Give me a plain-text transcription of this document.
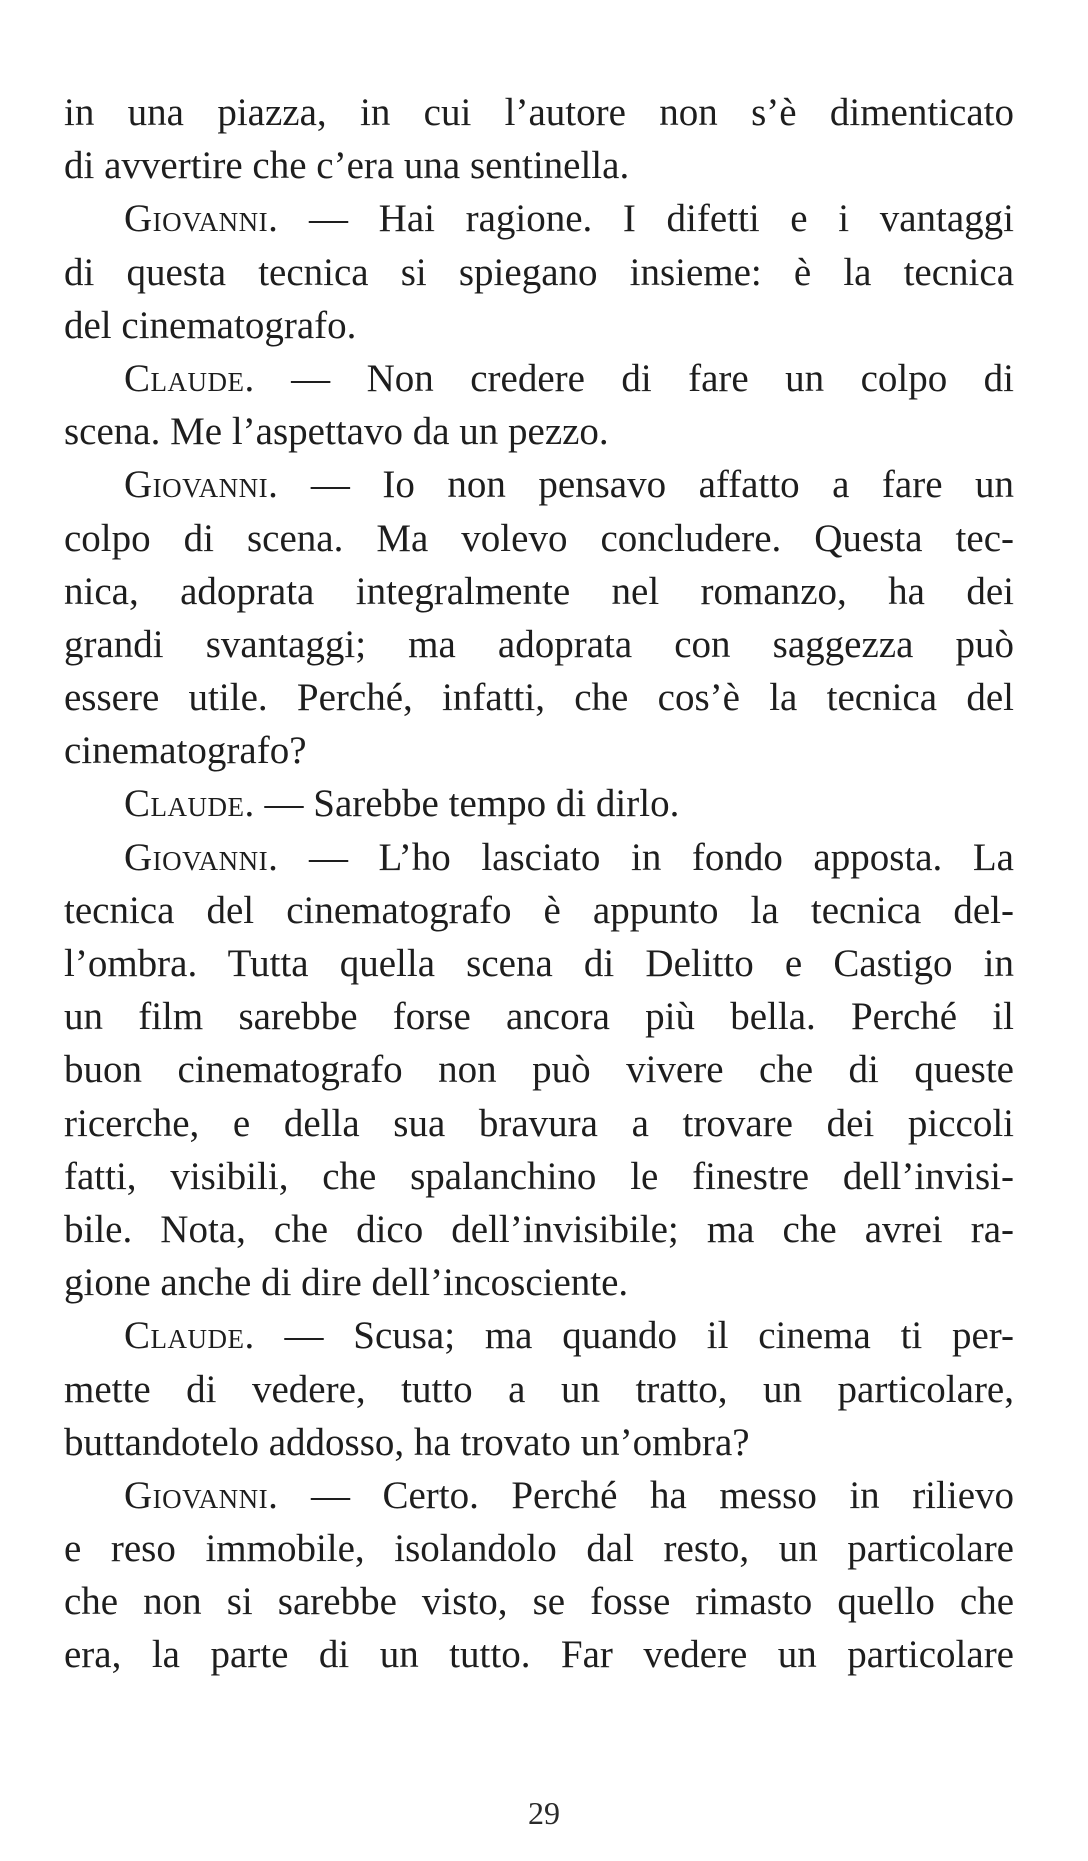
in una piazza, in cui l’autore non s’è dimenticato
di avvertire che c’era una sentinella.
Giovanni. — Hai ragione. I difetti e i vantaggi
di questa tecnica si spiegano insieme: è la tecnica
del cinematografo.
Claude. — Non credere di fare un colpo di
scena. Me l’aspettavo da un pezzo.
Giovanni. — Io non pensavo affatto a fare un
colpo di scena. Ma volevo concludere. Questa tec-
nica, adoprata integralmente nel romanzo, ha dei
grandi svantaggi; ma adoprata con saggezza può
essere utile. Perché, infatti, che cos’è la tecnica del
cinematografo?
Claude. — Sarebbe tempo di dirlo.
Giovanni. — L’ho lasciato in fondo apposta. La
tecnica del cinematografo è appunto la tecnica del-
l’ombra. Tutta quella scena di Delitto e Castigo in
un film sarebbe forse ancora più bella. Perché il
buon cinematografo non può vivere che di queste
ricerche, e della sua bravura a trovare dei piccoli
fatti, visibili, che spalanchino le finestre dell’invisi-
bile. Nota, che dico dell’invisibile; ma che avrei ra-
gione anche di dire dell’incosciente.
Claude. — Scusa; ma quando il cinema ti per-
mette di vedere, tutto a un tratto, un particolare,
buttandotelo addosso, ha trovato un’ombra?
Giovanni. — Certo. Perché ha messo in rilievo
e reso immobile, isolandolo dal resto, un particolare
che non si sarebbe visto, se fosse rimasto quello che
era, la parte di un tutto. Far vedere un particolare
29
